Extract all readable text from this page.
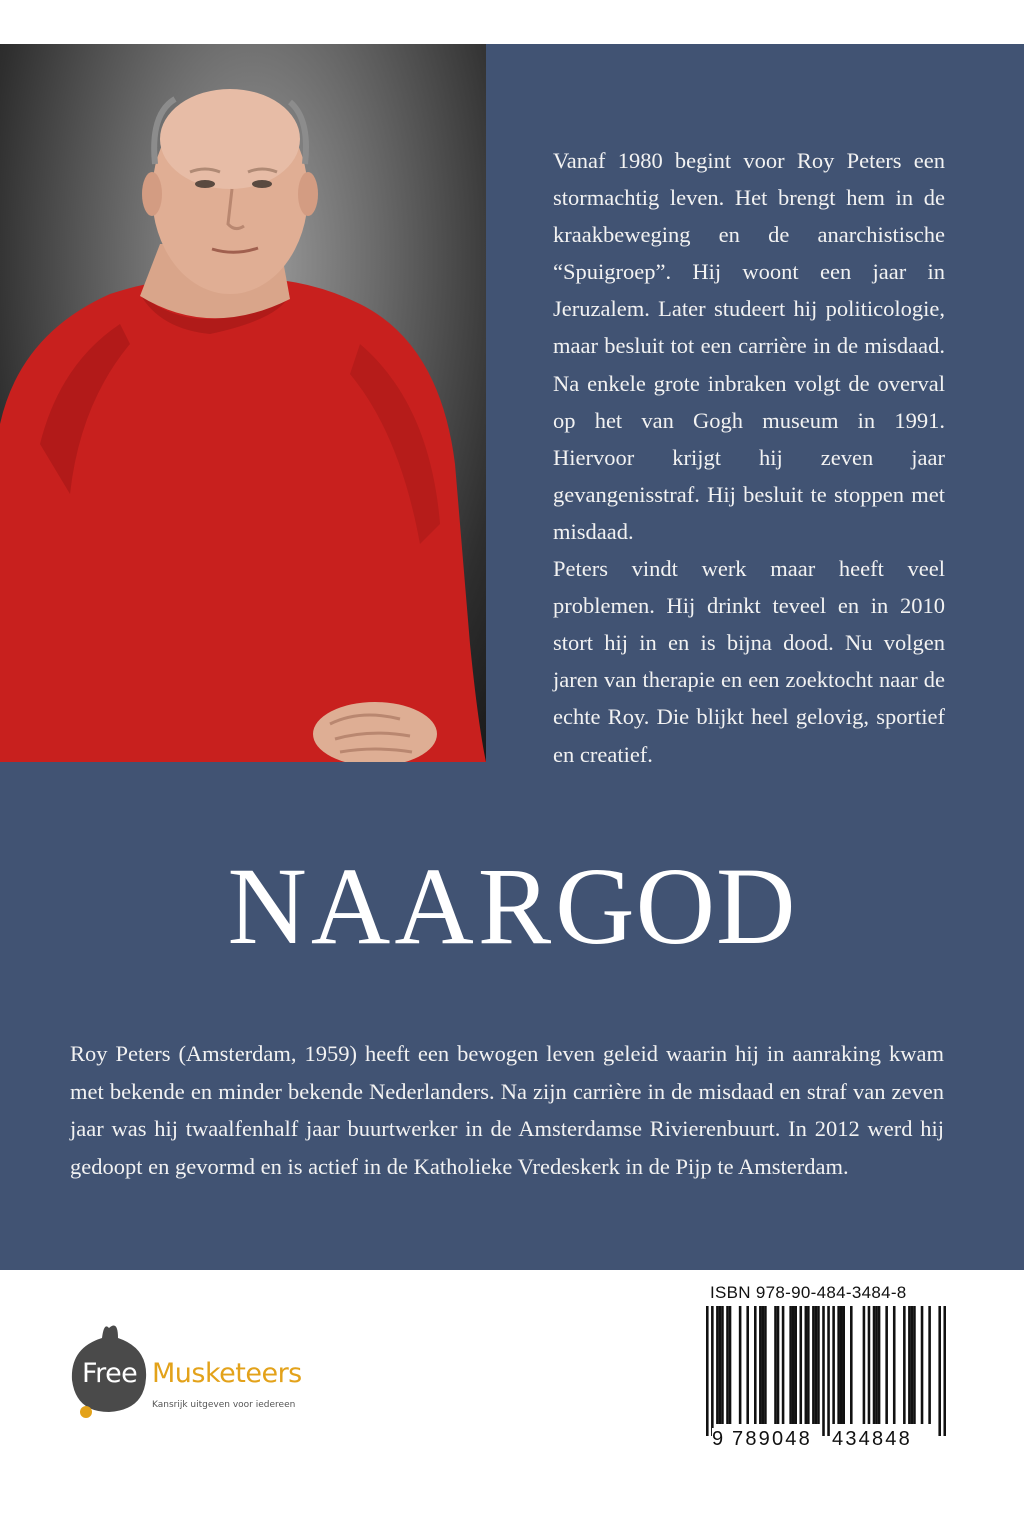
Vanaf 1980 begint voor Roy Peters een stormachtig leven. Het brengt hem in de kraakbeweging en de anarchistische “Spuigroep”. Hij woont een jaar in Jeruzalem. Later studeert hij politicologie, maar besluit tot een carrière in de misdaad. Na enkele grote inbraken volgt de overval op het van Gogh museum in 1991. Hiervoor krijgt hij zeven jaar gevangenisstraf. Hij besluit te stoppen met misdaad.

Peters vindt werk maar heeft veel problemen. Hij drinkt teveel en in 2010 stort hij in en is bijna dood. Nu volgen jaren van therapie en een zoektocht naar de echte Roy. Die blijkt heel gelovig, sportief en creatief.

NAARGOD
Roy Peters (Amsterdam, 1959) heeft een bewogen leven geleid waarin hij in aanraking kwam met bekende en minder bekende Nederlanders. Na zijn carrière in de misdaad en straf van zeven jaar was hij twaalfenhalf jaar buurtwerker in de Amsterdamse Rivierenbuurt. In 2012 werd hij gedoopt en gevormd en is actief in de Katholieke Vredeskerk in de Pijp te Amsterdam.
Free Musketeers
Kansrijk uitgeven voor iedereen
ISBN 978-90-484-3484-8
9 789048 434848
